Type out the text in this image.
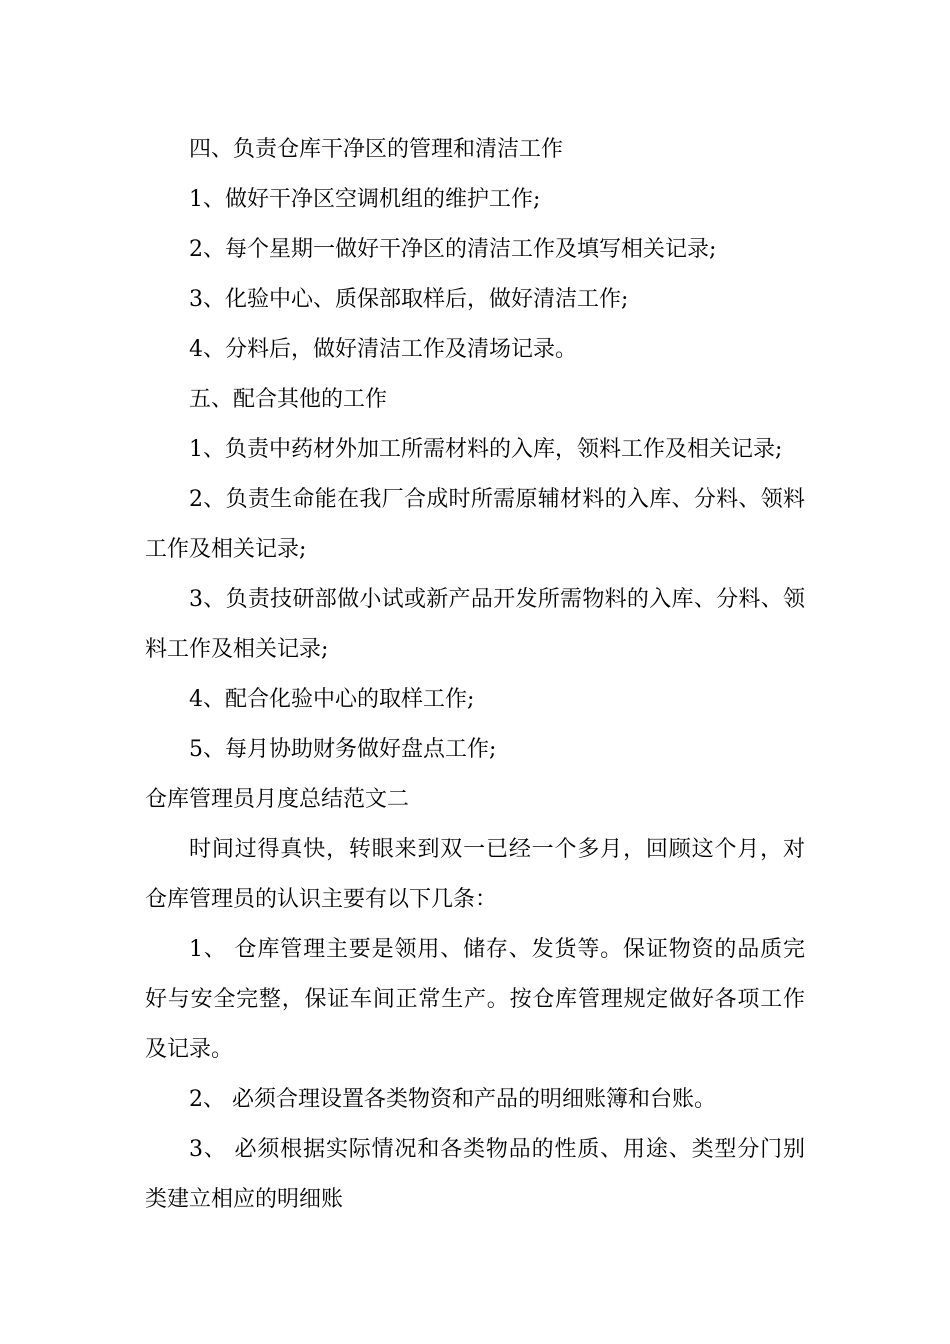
四、负责仓库干净区的管理和清洁工作
1、做好干净区空调机组的维护工作;
2、每个星期一做好干净区的清洁工作及填写相关记录;
3、化验中心、质保部取样后，做好清洁工作;
4、分料后，做好清洁工作及清场记录。
五、配合其他的工作
1、负责中药材外加工所需材料的入库，领料工作及相关记录;
2、负责生命能在我厂合成时所需原辅材料的入库、分料、领料
工作及相关记录;
3、负责技研部做小试或新产品开发所需物料的入库、分料、领
料工作及相关记录;
4、配合化验中心的取样工作;
5、每月协助财务做好盘点工作;
仓库管理员月度总结范文二
时间过得真快，转眼来到双一已经一个多月，回顾这个月，对
仓库管理员的认识主要有以下几条：
1、 仓库管理主要是领用、储存、发货等。保证物资的品质完
好与安全完整，保证车间正常生产。按仓库管理规定做好各项工作
及记录。
2、 必须合理设置各类物资和产品的明细账簿和台账。
3、 必须根据实际情况和各类物品的性质、用途、类型分门别
类建立相应的明细账
